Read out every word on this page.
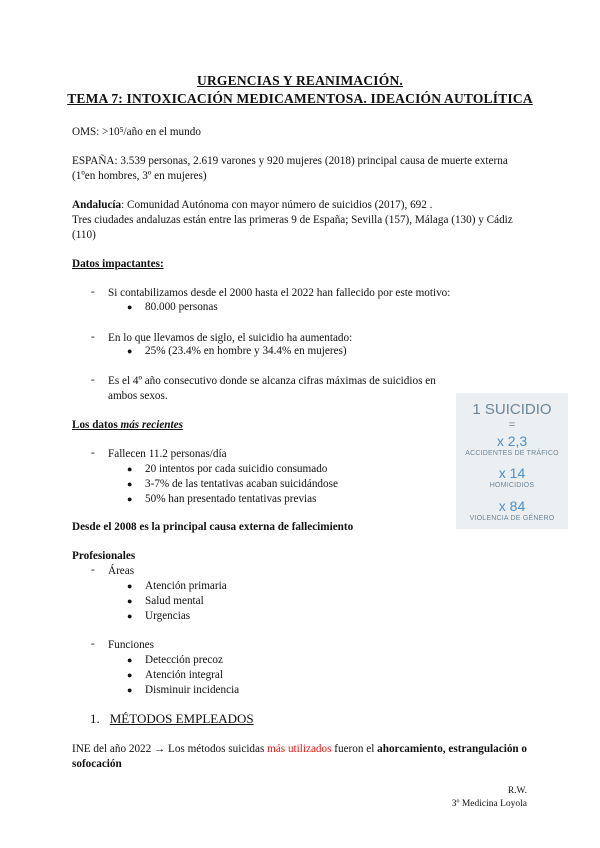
URGENCIAS Y REANIMACIÓN.
TEMA 7: INTOXICACIÓN MEDICAMENTOSA. IDEACIÓN AUTOLÍTICA
OMS: >10⁵/año en el mundo
ESPAÑA: 3.539 personas, 2.619 varones y 920 mujeres (2018) principal causa de muerte externa
(1ºen hombres, 3º en mujeres)
Andalucía: Comunidad Autónoma con mayor número de suicidios (2017), 692 .
Tres ciudades andaluzas están entre las primeras 9 de España; Sevilla (157), Málaga (130) y Cádiz
(110)
Datos impactantes:
- Si contabilizamos desde el 2000 hasta el 2022 han fallecido por este motivo:
● 80.000 personas
- En lo que llevamos de siglo, el suicidio ha aumentado:
● 25% (23.4% en hombre y 34.4% en mujeres)
- Es el 4º año consecutivo donde se alcanza cifras máximas de suicidios en
ambos sexos.
Los datos más recientes
- Fallecen 11.2 personas/día
● 20 intentos por cada suicidio consumado
● 3-7% de las tentativas acaban suicidándose
● 50% han presentado tentativas previas
Desde el 2008 es la principal causa externa de fallecimiento
Profesionales
- Áreas
● Atención primaria
● Salud mental
● Urgencias
- Funciones
● Detección precoz
● Atención integral
● Disminuir incidencia
1. MÉTODOS EMPLEADOS
INE del año 2022 → Los métodos suicidas más utilizados fueron el ahorcamiento, estrangulación o
sofocación
1 SUICIDIO
=
x 2,3
ACCIDENTES DE TRÁFICO
x 14
HOMICIDIOS
x 84
VIOLENCIA DE GÉNERO
R.W.
3º Medicina Loyola
